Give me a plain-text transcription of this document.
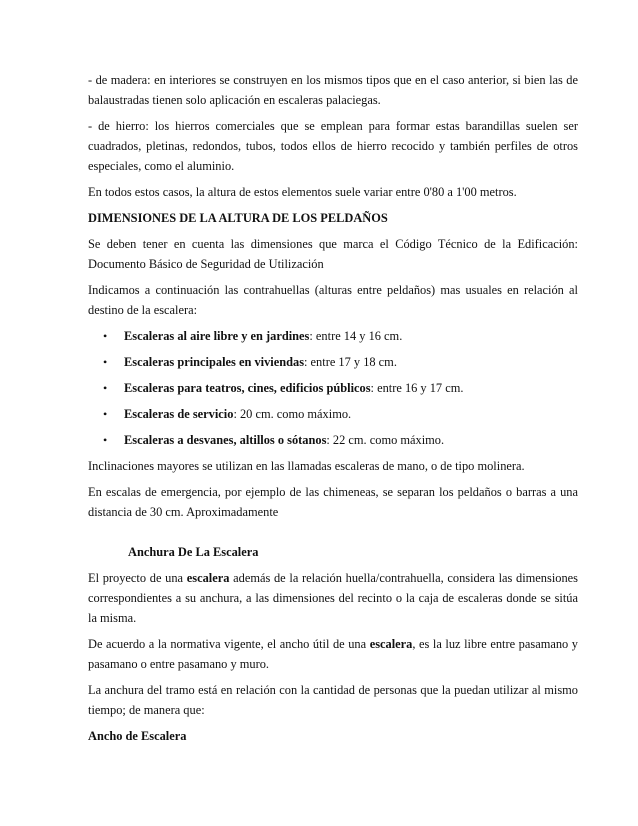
- de madera: en interiores se construyen en los mismos tipos que en el caso anterior, si bien las de balaustradas tienen solo aplicación en escaleras palaciegas.

- de hierro: los hierros comerciales que se emplean para formar estas barandillas suelen ser cuadrados, pletinas, redondos, tubos, todos ellos de hierro recocido y también perfiles de otros especiales, como el aluminio.

En todos estos casos, la altura de estos elementos suele variar entre 0'80 a 1'00 metros.

DIMENSIONES DE LA ALTURA DE LOS PELDAÑOS

Se deben tener en cuenta las dimensiones que marca el Código Técnico de la Edificación: Documento Básico de Seguridad de Utilización

Indicamos a continuación las contrahuellas (alturas entre peldaños) mas usuales en relación al destino de la escalera:

• Escaleras al aire libre y en jardines: entre 14 y 16 cm.
• Escaleras principales en viviendas: entre 17 y 18 cm.
• Escaleras para teatros, cines, edificios públicos: entre 16 y 17 cm.
• Escaleras de servicio: 20 cm. como máximo.
• Escaleras a desvanes, altillos o sótanos: 22 cm. como máximo.

Inclinaciones mayores se utilizan en las llamadas escaleras de mano, o de tipo molinera.

En escalas de emergencia, por ejemplo de las chimeneas, se separan los peldaños o barras a una distancia de 30 cm. Aproximadamente

Anchura De La Escalera

El proyecto de una escalera además de la relación huella/contrahuella, considera las dimensiones correspondientes a su anchura, a las dimensiones del recinto o la caja de escaleras donde se sitúa la misma.

De acuerdo a la normativa vigente, el ancho útil de una escalera, es la luz libre entre pasamano y pasamano o entre pasamano y muro.

La anchura del tramo está en relación con la cantidad de personas que la puedan utilizar al mismo tiempo; de manera que:

Ancho de Escalera
